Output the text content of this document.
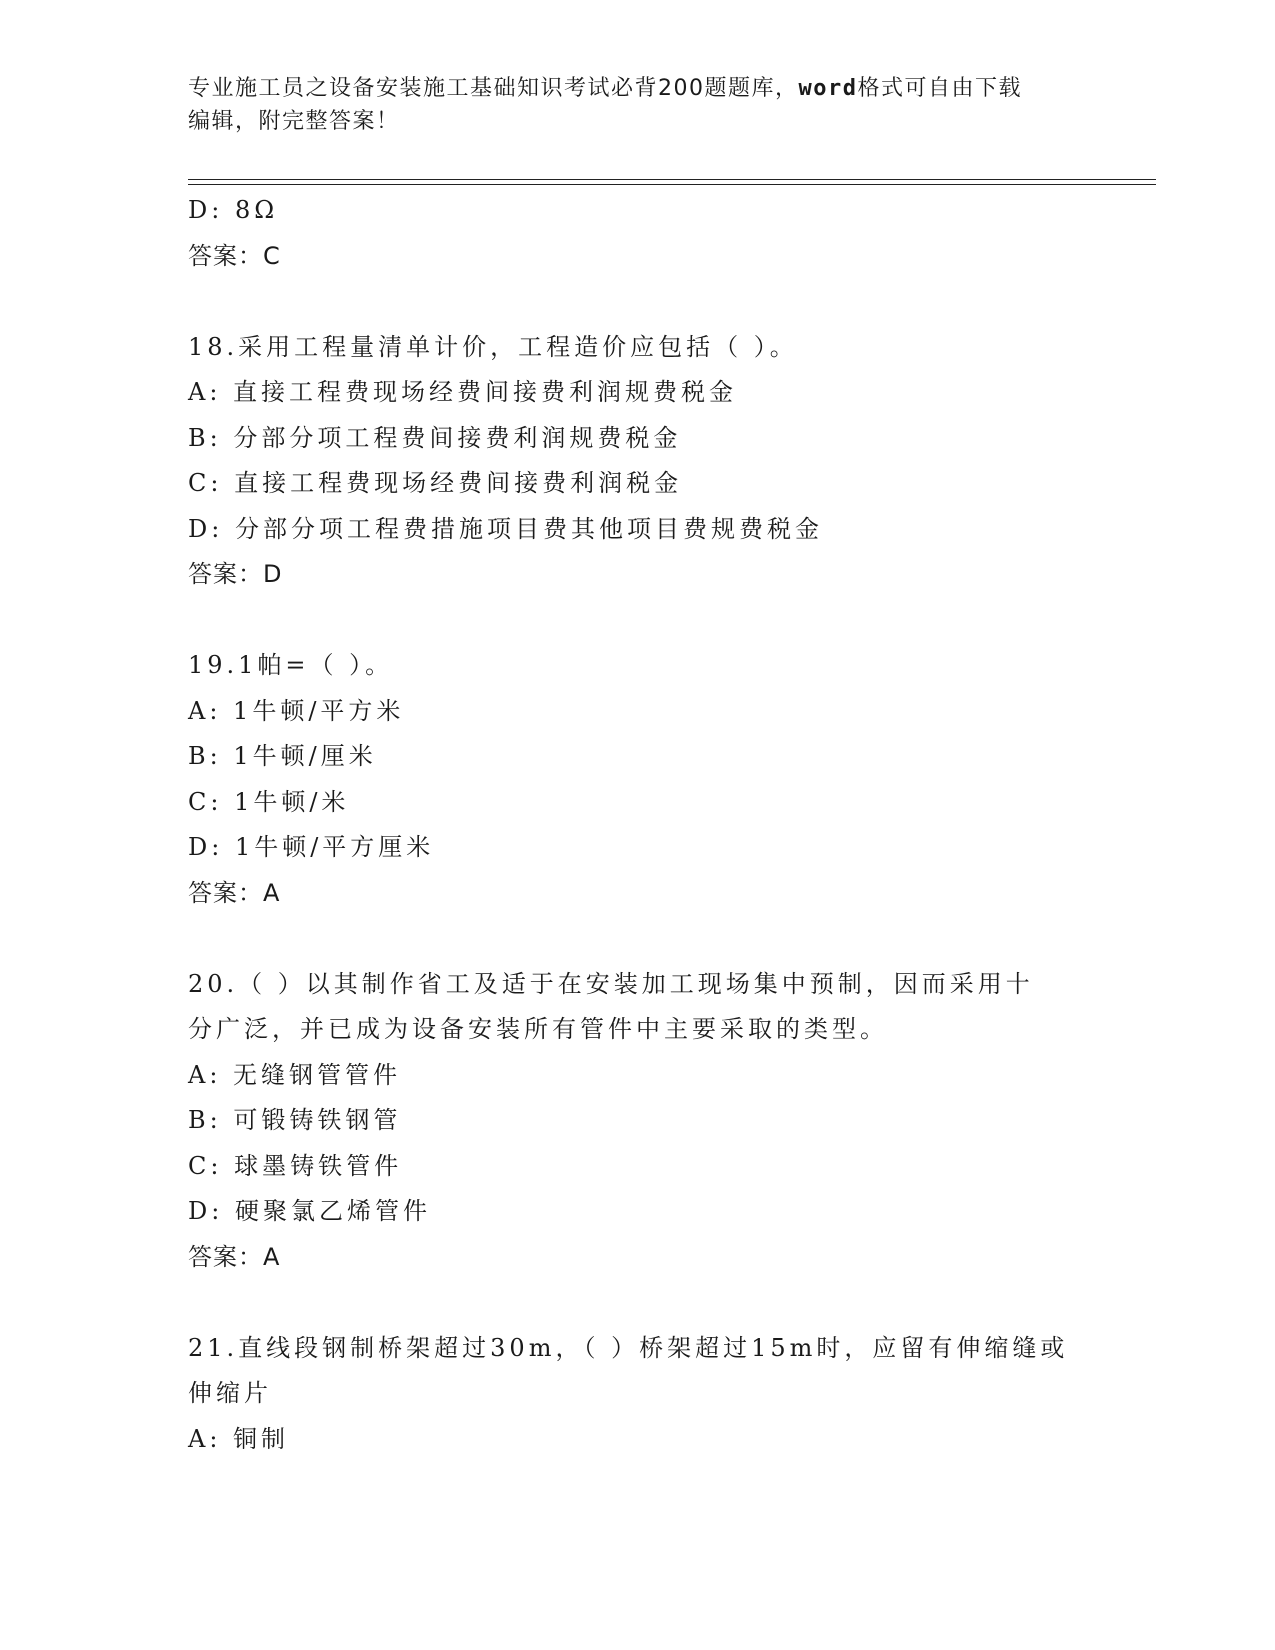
专业施工员之设备安装施工基础知识考试必背200题题库，word格式可自由下载
编辑，附完整答案！
D: 8Ω
答案：C
18.采用工程量清单计价，工程造价应包括（ ）。
A: 直接工程费现场经费间接费利润规费税金
B: 分部分项工程费间接费利润规费税金
C: 直接工程费现场经费间接费利润税金
D: 分部分项工程费措施项目费其他项目费规费税金
答案：D
19.1帕=（ ）。
A: 1牛顿/平方米
B: 1牛顿/厘米
C: 1牛顿/米
D: 1牛顿/平方厘米
答案：A
20.（ ）以其制作省工及适于在安装加工现场集中预制，因而采用十
分广泛，并已成为设备安装所有管件中主要采取的类型。
A: 无缝钢管管件
B: 可锻铸铁钢管
C: 球墨铸铁管件
D: 硬聚氯乙烯管件
答案：A
21.直线段钢制桥架超过30m，（ ）桥架超过15m时，应留有伸缩缝或
伸缩片
A: 铜制
